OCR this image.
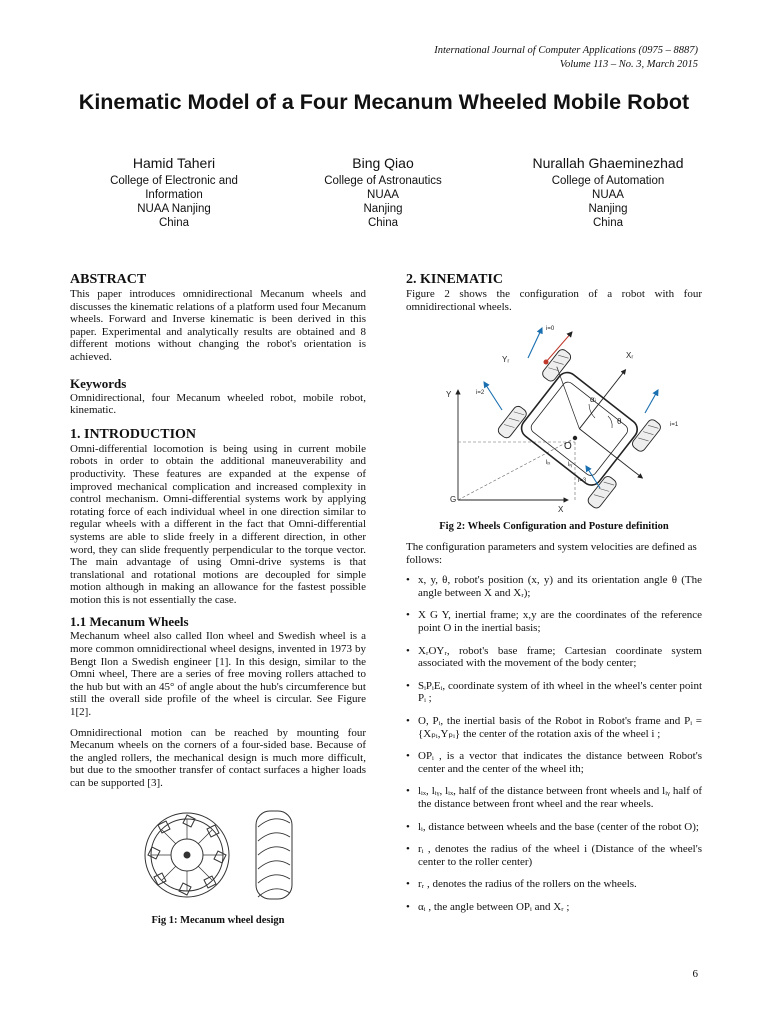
International Journal of Computer Applications (0975 – 8887)
Volume 113 – No. 3, March 2015
Kinematic Model of a Four Mecanum Wheeled Mobile Robot
Hamid Taheri
College of Electronic and
Information
NUAA Nanjing
China
Bing Qiao
College of Astronautics
NUAA
Nanjing
China
Nurallah Ghaeminezhad
College of Automation
NUAA
Nanjing
China
ABSTRACT

This paper introduces omnidirectional Mecanum wheels and discusses the kinematic relations of a platform used four Mecanum wheels. Forward and Inverse kinematic is been derived in this paper. Experimental and analytically results are obtained and 8 different motions without changing the robot's orientation is achieved.

Keywords

Omnidirectional, four Mecanum wheeled robot, mobile robot, kinematic.

1. INTRODUCTION

Omni-differential locomotion is being using in current mobile robots in order to obtain the additional maneuverability and productivity. These features are expanded at the expense of improved mechanical complication and increased complexity in control mechanism. Omni-differential systems work by applying rotating force of each individual wheel in one direction similar to regular wheels with a different in the fact that Omni-differential systems are able to slide freely in a different direction, in other word, they can slide frequently perpendicular to the torque vector. The main advantage of using Omni-drive systems is that translational and rotational motions are decoupled for simple motion although in making an allowance for the fastest possible motion this is not essentially the case.

1.1 Mecanum Wheels

Mechanum wheel also called Ilon wheel and Swedish wheel is a more common omnidirectional wheel designs, invented in 1973 by Bengt Ilon a Swedish engineer [1]. In this design, similar to the Omni wheel, There are a series of free moving rollers attached to the hub but with an 45° of angle about the hub's circumference but still the overall side profile of the wheel is circular. See Figure 1[2].

Omnidirectional motion can be reached by mounting four Mecanum wheels on the corners of a four-sided base. Because of the angled rollers, the mechanical design is much more difficult, but due to the smoother transfer of contact surfaces a higher loads can be supported [3].

Fig 1: Mecanum wheel design
2. KINEMATIC

Figure 2 shows the configuration of a robot with four omnidirectional wheels.

Y
G
X
O
θ
αᵢ
i=0
i=1
i=2
i=3
Xᵣ
Yᵣ
lᵢₓ	lᵢᵧ
Fig 2: Wheels Configuration and Posture definition

The configuration parameters and system velocities are defined as follows:

• x, y, θ, robot's position (x, y) and its orientation angle θ (The angle between X and Xᵣ);
• X G Y, inertial frame; x,y are the coordinates of the reference point O in the inertial basis;
• XᵣOYᵣ, robot's base frame; Cartesian coordinate system associated with the movement of the body center;
• SᵢPᵢEᵢ, coordinate system of ith wheel in the wheel's center point Pᵢ ;
• O, Pᵢ, the inertial basis of the Robot in Robot's frame and Pᵢ = {Xₚᵢ,Yₚᵢ} the center of the rotation axis of the wheel i ;
• OPᵢ , is a vector that indicates the distance between Robot's center and the center of the wheel ith;
• lᵢₓ, lᵢᵧ, lᵢₓ, half of the distance between front wheels and lᵢᵧ half of the distance between front wheel and the rear wheels.
• lᵢ, distance between wheels and the base (center of the robot O);
• rᵢ , denotes the radius of the wheel i (Distance of the wheel's center to the roller center)
• rᵣ , denotes the radius of the rollers on the wheels.
• αᵢ , the angle between OPᵢ and Xᵣ ;
6
